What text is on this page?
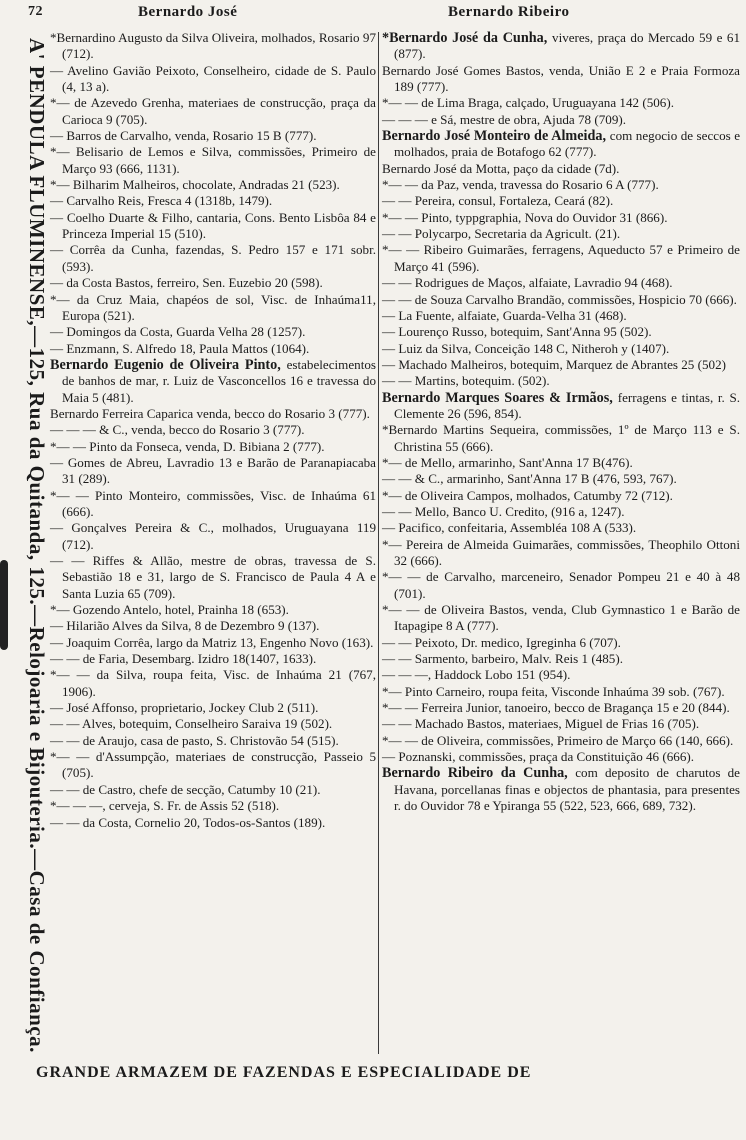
72	Bernardo José	Bernardo Ribeiro
A' PENDULA FLUMINENSE,—125, Rua da Quitanda, 125.—Relojoaria e Bijouteria.—Casa de Confiança.

*Bernardino Augusto da Silva Oliveira, molhados, Rosario 97 (712).

— Avelino Gavião Peixoto, Conselheiro, cidade de S. Paulo (4, 13 a).

*— de Azevedo Grenha, materiaes de construcção, praça da Carioca 9 (705).

— Barros de Carvalho, venda, Rosario 15 B (777).

*— Belisario de Lemos e Silva, commissões, Primeiro de Março 93 (666, 1131).

*— Bilharim Malheiros, chocolate, Andradas 21 (523).

— Carvalho Reis, Fresca 4 (1318b, 1479).

— Coelho Duarte & Filho, cantaria, Cons. Bento Lisbôa 84 e Princeza Imperial 15 (510).

— Corrêa da Cunha, fazendas, S. Pedro 157 e 171 sobr. (593).

— da Costa Bastos, ferreiro, Sen. Euzebio 20 (598).

*— da Cruz Maia, chapéos de sol, Visc. de Inhaúma11, Europa (521).

— Domingos da Costa, Guarda Velha 28 (1257).

— Enzmann, S. Alfredo 18, Paula Mattos (1064).

Bernardo Eugenio de Oliveira Pinto, estabelecimentos de banhos de mar, r. Luiz de Vasconcellos 16 e travessa do Maia 5 (481).

Bernardo Ferreira Caparica venda, becco do Rosario 3 (777).

— — — & C., venda, becco do Rosario 3 (777).

*— — Pinto da Fonseca, venda, D. Bibiana 2 (777).

— Gomes de Abreu, Lavradio 13 e Barão de Paranapiacaba 31 (289).

*— — Pinto Monteiro, commissões, Visc. de Inhaúma 61 (666).

— Gonçalves Pereira & C., molhados, Uruguayana 119 (712).

— — Riffes & Allão, mestre de obras, travessa de S. Sebastião 18 e 31, largo de S. Francisco de Paula 4 A e Santa Luzia 65 (709).

*— Gozendo Antelo, hotel, Prainha 18 (653).

— Hilarião Alves da Silva, 8 de Dezembro 9 (137).

— Joaquim Corrêa, largo da Matriz 13, Engenho Novo (163).

— — de Faria, Desembarg. Izidro 18(1407, 1633).

*— — da Silva, roupa feita, Visc. de Inhaúma 21 (767, 1906).

— José Affonso, proprietario, Jockey Club 2 (511).

— — Alves, botequim, Conselheiro Saraiva 19 (502).

— — de Araujo, casa de pasto, S. Christovão 54 (515).

*— — d'Assumpção, materiaes de construcção, Passeio 5 (705).

— — de Castro, chefe de secção, Catumby 10 (21).

*— — —, cerveja, S. Fr. de Assis 52 (518).

— — da Costa, Cornelio 20, Todos-os-Santos (189).

*Bernardo José da Cunha, viveres, praça do Mercado 59 e 61 (877).

Bernardo José Gomes Bastos, venda, União E 2 e Praia Formoza 189 (777).

*— — de Lima Braga, calçado, Uruguayana 142 (506).

— — — e Sá, mestre de obra, Ajuda 78 (709).

Bernardo José Monteiro de Almeida, com negocio de seccos e molhados, praia de Botafogo 62 (777).

Bernardo José da Motta, paço da cidade (7d).

*— — da Paz, venda, travessa do Rosario 6 A (777).

— — Pereira, consul, Fortaleza, Ceará (82).

*— — Pinto, typpgraphia, Nova do Ouvidor 31 (866).

— — Polycarpo, Secretaria da Agricult. (21).

*— — Ribeiro Guimarães, ferragens, Aqueducto 57 e Primeiro de Março 41 (596).

— — Rodrigues de Maços, alfaiate, Lavradio 94 (468).

— — de Souza Carvalho Brandão, commissões, Hospicio 70 (666).

— La Fuente, alfaiate, Guarda-Velha 31 (468).

— Lourenço Russo, botequim, Sant'Anna 95 (502).

— Luiz da Silva, Conceição 148 C, Nitheroh y (1407).

— Machado Malheiros, botequim, Marquez de Abrantes 25 (502)

— — Martins, botequim. (502).

Bernardo Marques Soares & Irmãos, ferragens e tintas, r. S. Clemente 26 (596, 854).

*Bernardo Martins Sequeira, commissões, 1º de Março 113 e S. Christina 55 (666).

*— de Mello, armarinho, Sant'Anna 17 B(476).

— — & C., armarinho, Sant'Anna 17 B (476, 593, 767).

*— de Oliveira Campos, molhados, Catumby 72 (712).

— — Mello, Banco U. Credito, (916 a, 1247).

— Pacifico, confeitaria, Assembléa 108 A (533).

*— Pereira de Almeida Guimarães, commissões, Theophilo Ottoni 32 (666).

*— — de Carvalho, marceneiro, Senador Pompeu 21 e 40 à 48 (701).

*— — de Oliveira Bastos, venda, Club Gymnastico 1 e Barão de Itapagipe 8 A (777).

— — Peixoto, Dr. medico, Igreginha 6 (707).

— — Sarmento, barbeiro, Malv. Reis 1 (485).

— — —, Haddock Lobo 151 (954).

*— Pinto Carneiro, roupa feita, Visconde Inhaúma 39 sob. (767).

*— — Ferreira Junior, tanoeiro, becco de Bragança 15 e 20 (844).

— — Machado Bastos, materiaes, Miguel de Frias 16 (705).

*— — de Oliveira, commissões, Primeiro de Março 66 (140, 666).

— Poznanski, commissões, praça da Constituição 46 (666).

Bernardo Ribeiro da Cunha, com deposito de charutos de Havana, porcellanas finas e objectos de phantasia, para presentes r. do Ouvidor 78 e Ypiranga 55 (522, 523, 666, 689, 732).

GRANDE ARMAZEM DE FAZENDAS E ESPECIALIDADE DE
